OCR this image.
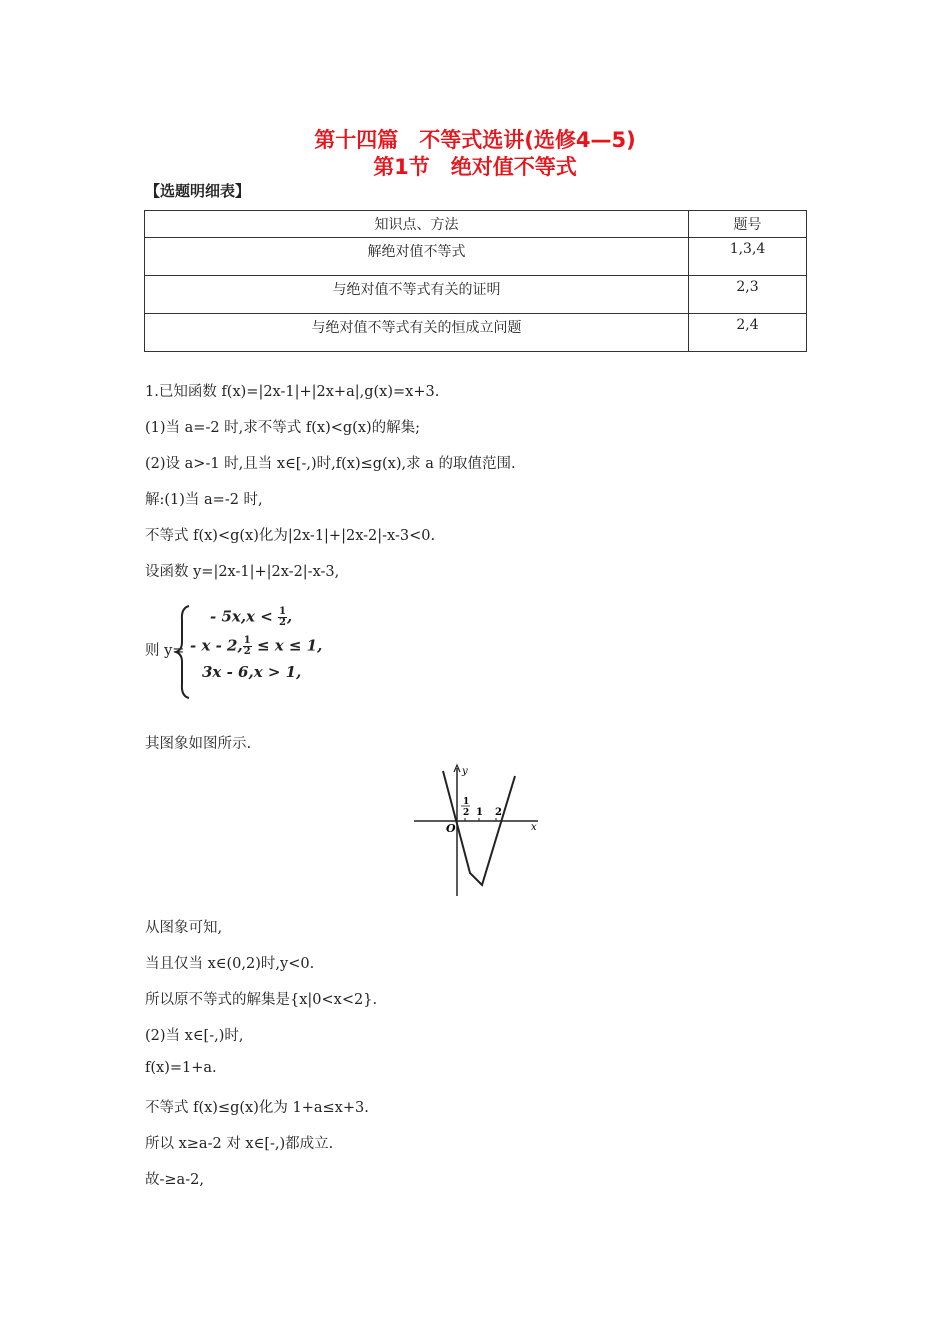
第十四篇　不等式选讲(选修4—5)
第1节　绝对值不等式
【选题明细表】
知识点、方法	题号
解绝对值不等式	1,3,4
与绝对值不等式有关的证明	2,3
与绝对值不等式有关的恒成立问题	2,4
1.已知函数 f(x)=|2x-1|+|2x+a|,g(x)=x+3.
(1)当 a=-2 时,求不等式 f(x)<g(x)的解集;
(2)设 a>-1 时,且当 x∈[-,)时,f(x)≤g(x),求 a 的取值范围.
解:(1)当 a=-2 时,
不等式 f(x)<g(x)化为|2x-1|+|2x-2|-x-3<0.
设函数 y=|2x-1|+|2x-2|-x-3,
则 y=
- $5x,x < \frac{1}{2}$ ,
- x - 2, $\frac{1}{2} \le x \le 1$,
3x - 6,x > 1,
其图象如图所示.
y
x
O
1
2 1 2
从图象可知,
当且仅当 x∈(0,2)时,y<0.
所以原不等式的解集是{x|0<x<2}.
(2)当 x∈[-,)时,
f(x)=1+a.
不等式 f(x)≤g(x)化为 1+a≤x+3.
所以 x≥a-2 对 x∈[-,)都成立.
故-≥a-2,
